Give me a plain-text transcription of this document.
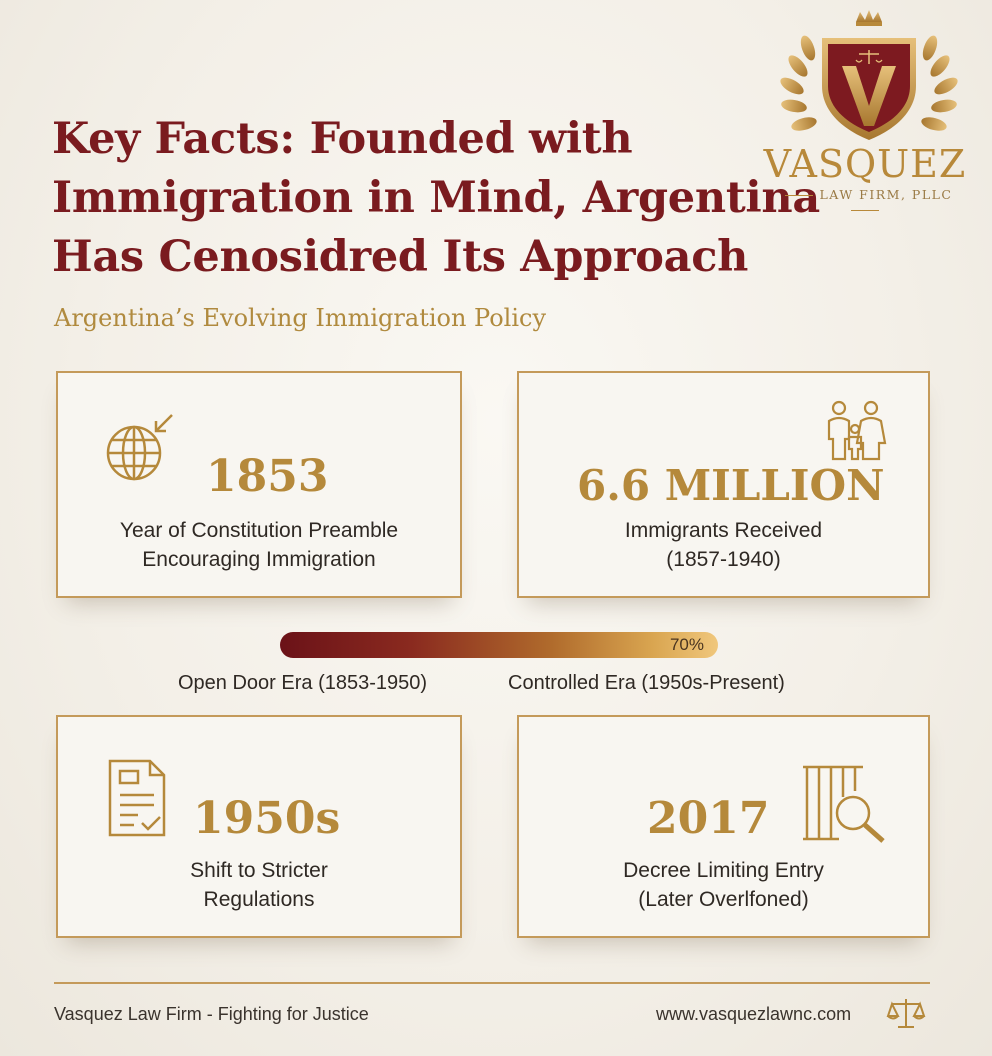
Key Facts: Founded with
Immigration in Mind, Argentina
Has Cenosidred Its Approach
Argentina’s Evolving Immigration Policy
VASQUEZ
LAW FIRM, PLLC
1853
Year of Constitution Preamble
Encouraging Immigration
6.6 MILLION
Immigrants Received
(1857-1940)
70%
Open Door Era (1853-1950)	Controlled Era (1950s-Present)
1950s
Shift to Stricter
Regulations
2017
Decree Limiting Entry
(Later Overlfoned)
Vasquez Law Firm - Fighting for Justice	www.vasquezlawnc.com
